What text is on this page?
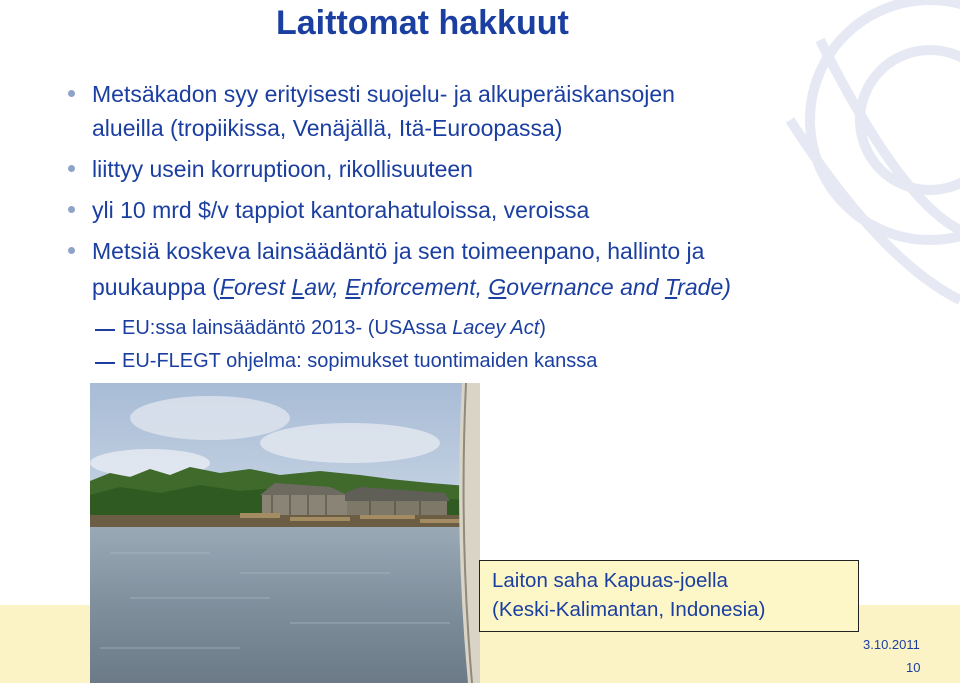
Laittomat hakkuut
Metsäkadon syy erityisesti suojelu- ja alkuperäiskansojen
alueilla (tropiikissa, Venäjällä, Itä-Euroopassa)
liittyy usein korruptioon, rikollisuuteen
yli 10 mrd $/v tappiot kantorahatuloissa, veroissa
Metsiä koskeva lainsäädäntö ja sen toimeenpano, hallinto ja
puukauppa (Forest Law, Enforcement, Governance and Trade)
EU:ssa lainsäädäntö 2013- (USAssa Lacey Act)
EU-FLEGT ohjelma: sopimukset tuontimaiden kanssa
Laiton saha Kapuas-joella
(Keski-Kalimantan, Indonesia)
3.10.2011
10
